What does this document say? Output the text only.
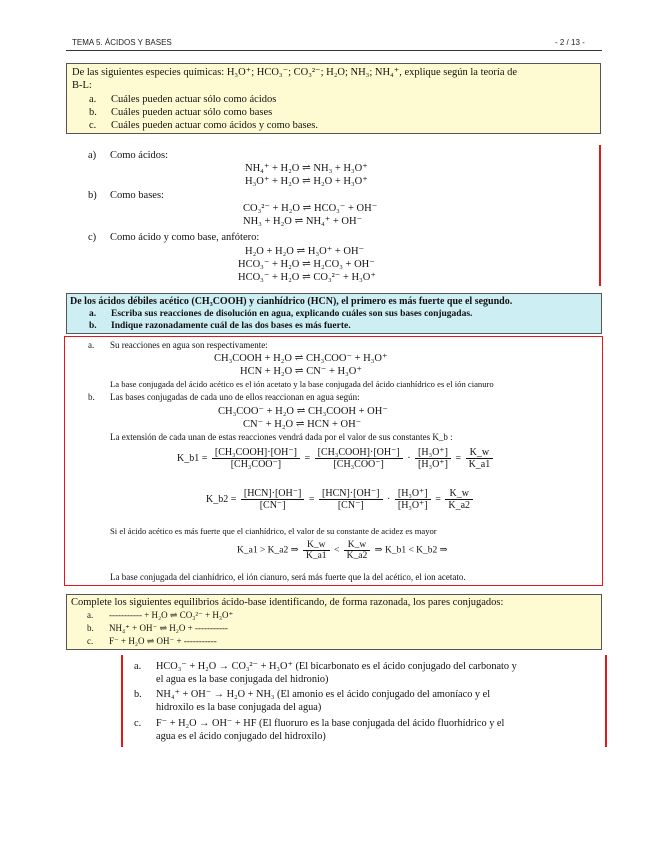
TEMA 5. ÁCIDOS Y BASES	- 2 / 13 -
De las siguientes especies químicas: H₃O⁺; HCO₃⁻; CO₃²⁻; H₂O; NH₃; NH₄⁺, explique según la teoría de
B-L:
a. Cuáles pueden actuar sólo como ácidos
b. Cuáles pueden actuar sólo como bases
c. Cuáles pueden actuar como ácidos y como bases.
a) Como ácidos:
NH₄⁺ + H₂O ⇌ NH₃ + H₃O⁺
H₃O⁺ + H₂O ⇌ H₂O + H₃O⁺
b) Como bases:
CO₃²⁻ + H₂O ⇌ HCO₃⁻ + OH⁻
NH₃ + H₂O ⇌ NH₄⁺ + OH⁻
c) Como ácido y como base, anfótero:
H₂O + H₂O ⇌ H₃O⁺ + OH⁻
HCO₃⁻ + H₂O ⇌ H₂CO₃ + OH⁻
HCO₃⁻ + H₂O ⇌ CO₃²⁻ + H₃O⁺
De los ácidos débiles acético (CH₃COOH) y cianhídrico (HCN), el primero es más fuerte que el segundo.
a. Escriba sus reacciones de disolución en agua, explicando cuáles son sus bases conjugadas.
b. Indique razonadamente cuál de las dos bases es más fuerte.
a. Su reacciones en agua son respectivamente:
CH₃COOH + H₂O ⇌ CH₃COO⁻ + H₃O⁺
HCN + H₂O ⇌ CN⁻ + H₃O⁺
La base conjugada del ácido acético es el ión acetato y la base conjugada del ácido cianhídrico es el ión cianuro
b. Las bases conjugadas de cada uno de ellos reaccionan en agua según:
CH₃COO⁻ + H₂O ⇌ CH₃COOH + OH⁻
CN⁻ + H₂O ⇌ HCN + OH⁻
La extensión de cada unan de estas reacciones vendrá dada por el valor de sus constantes K_b :
K_b1 = $\frac{\text{[CH₃COOH]·[OH⁻]}}{\text{[CH₃COO⁻]}} = \frac{\text{[CH₃COOH]·[OH⁻]}}{\text{[CH₃COO⁻]}} \cdot \frac{\text{[H₃O⁺]}}{\text{[H₃O⁺]}} = \frac{K\_w}{K\_a1}$
K_b2 = $\frac{\text{[HCN]·[OH⁻]}}{[CN^-]} = \frac{\text{[HCN]·[OH⁻]}}{[CN^-]} \cdot \frac{\text{[H₃O⁺]}}{\text{[H₃O⁺]}} = \frac{K\_w}{K\_a2}$
Si el ácido acético es más fuerte que el cianhídrico, el valor de su constante de acidez es mayor
K_a1 > K_a2 ⇒ $\frac{K\_w}{K\_a1} < \frac{K\_w}{K\_a2}$ ⇒ K_b1 < K_b2 ⇒
La base conjugada del cianhídrico, el ión cianuro, será más fuerte que la del acético, el ion acetato.
Complete los siguientes equilibrios ácido-base identificando, de forma razonada, los pares conjugados:
a. ----------- + H₂O ⇌ CO₃²⁻ + H₃O⁺
b. NH₄⁺ + OH⁻ ⇌ H₂O + -----------
c. F⁻ + H₂O ⇌ OH⁻ + -----------
a. HCO₃⁻ + H₂O → CO₃²⁻ + H₃O⁺ (El bicarbonato es el ácido conjugado del carbonato y
el agua es la base conjugada del hidronio)
b. NH₄⁺ + OH⁻ → H₂O + NH₃ (El amonio es el ácido conjugado del amoníaco y el
hidroxilo es la base conjugada del agua)
c. F⁻ + H₂O → OH⁻ + HF (El fluoruro es la base conjugada del ácido fluorhídrico y el
agua es el ácido conjugado del hidroxilo)
